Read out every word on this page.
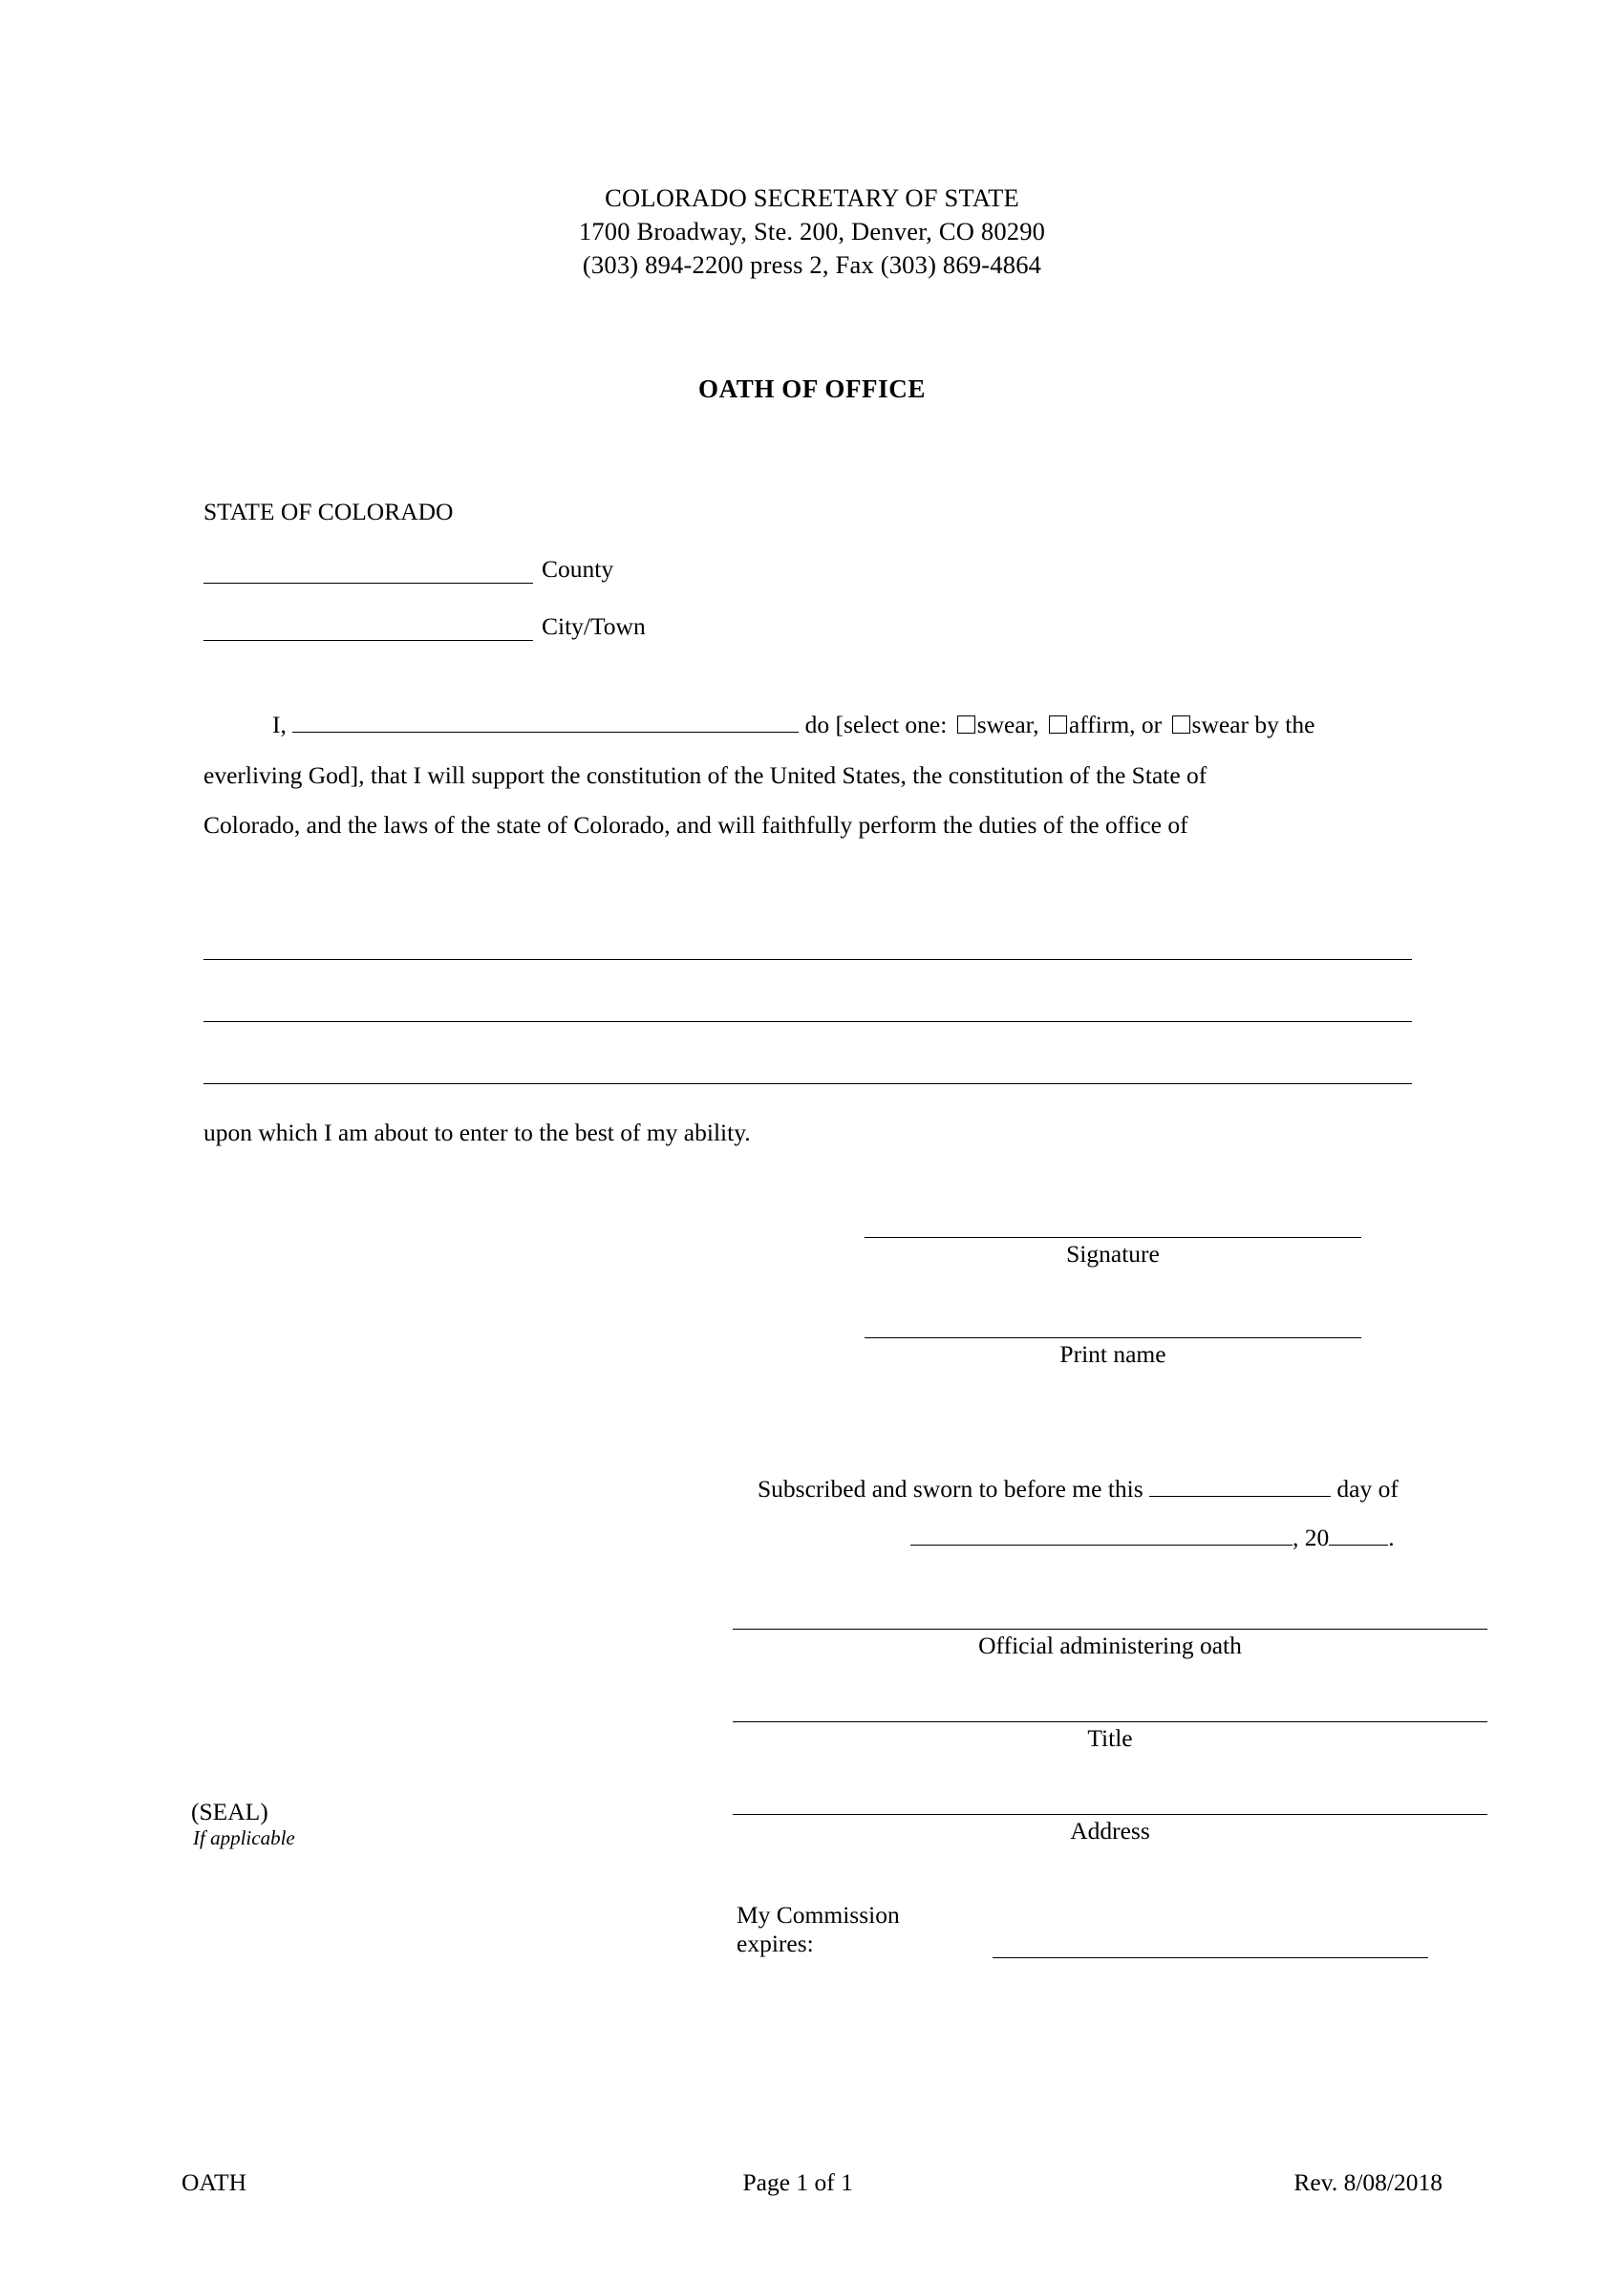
COLORADO SECRETARY OF STATE
1700 Broadway, Ste. 200, Denver, CO 80290
(303) 894-2200 press 2, Fax (303) 869-4864
OATH OF OFFICE
STATE OF COLORADO
County
City/Town
I,	do [select one: swear, affirm, or swear by the
everliving God], that I will support the constitution of the United States, the constitution of the State of
Colorado, and the laws of the state of Colorado, and will faithfully perform the duties of the office of
upon which I am about to enter to the best of my ability.
Signature
Print name
Subscribed and sworn to before me this	day of
, 20 .
Official administering oath
Title
Address
My Commission expires:
(SEAL)
If applicable
OATH	Page 1 of 1	Rev. 8/08/2018
